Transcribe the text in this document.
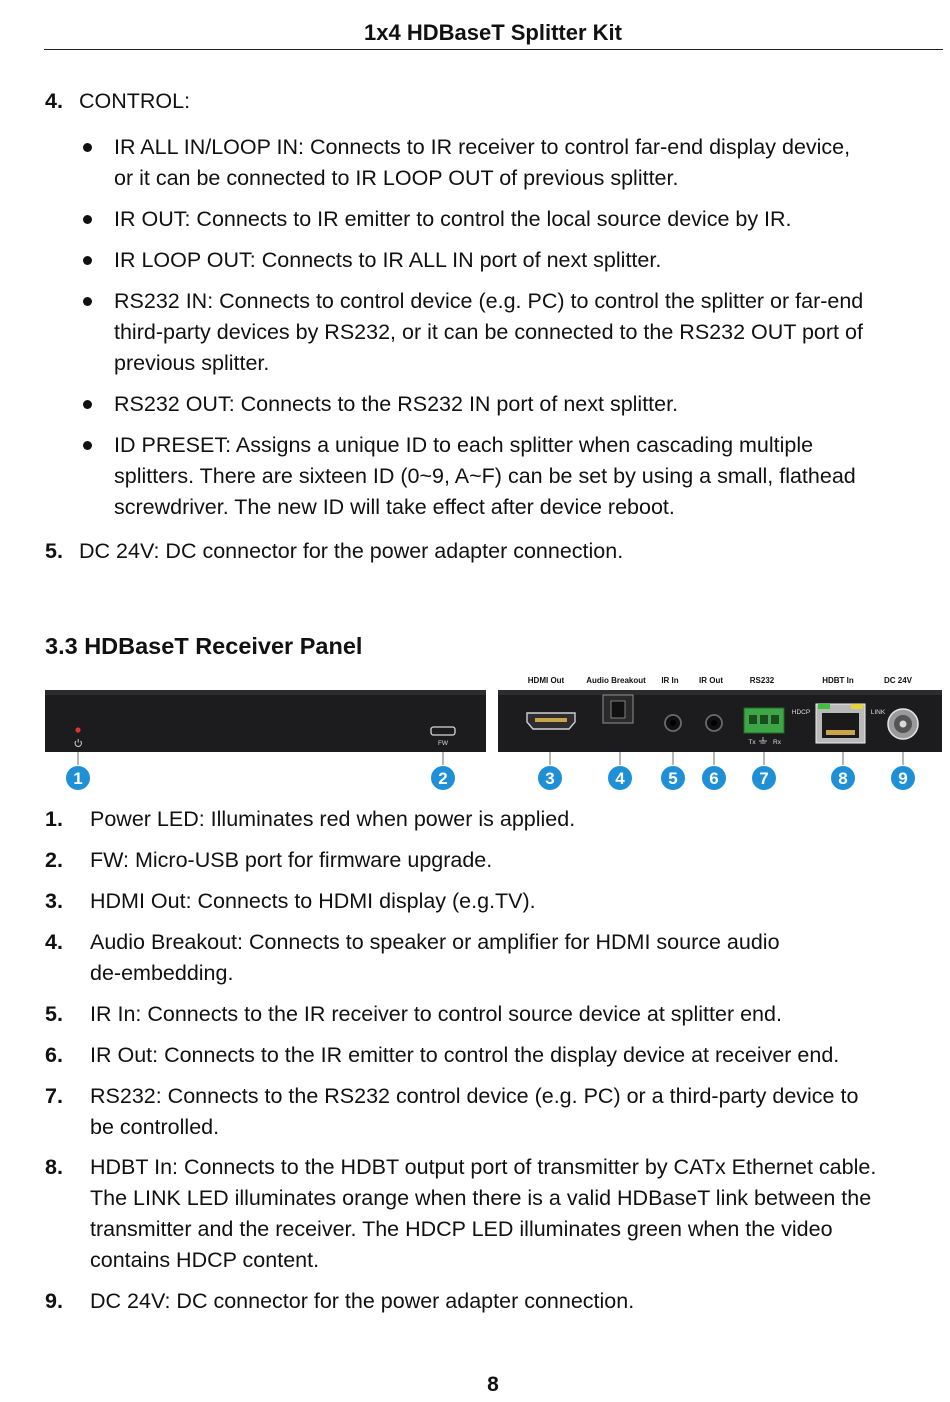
1x4 HDBaseT Splitter Kit
4. CONTROL:
IR ALL IN/LOOP IN: Connects to IR receiver to control far-end display device,
or it can be connected to IR LOOP OUT of previous splitter.
IR OUT: Connects to IR emitter to control the local source device by IR.
IR LOOP OUT: Connects to IR ALL IN port of next splitter.
RS232 IN: Connects to control device (e.g. PC) to control the splitter or far-end
third-party devices by RS232, or it can be connected to the RS232 OUT port of
previous splitter.
RS232 OUT: Connects to the RS232 IN port of next splitter.
ID PRESET: Assigns a unique ID to each splitter when cascading multiple
splitters. There are sixteen ID (0~9, A~F) can be set by using a small, flathead
screwdriver. The new ID will take effect after device reboot.
5. DC 24V: DC connector for the power adapter connection.
3.3 HDBaseT Receiver Panel
HDMI Out	Audio Breakout IR In	IR Out	RS232	HDBT In	DC 24V
FW	Tx	Rx
HDCP	LINK
1	2	3	4	5 6 7	8	9
1. Power LED: Illuminates red when power is applied.
2. FW: Micro-USB port for firmware upgrade.
3. HDMI Out: Connects to HDMI display (e.g.TV).
4. Audio Breakout: Connects to speaker or amplifier for HDMI source audio
de-embedding.
5. IR In: Connects to the IR receiver to control source device at splitter end.
6. IR Out: Connects to the IR emitter to control the display device at receiver end.
7. RS232: Connects to the RS232 control device (e.g. PC) or a third-party device to
be controlled.
8. HDBT In: Connects to the HDBT output port of transmitter by CATx Ethernet cable.
The LINK LED illuminates orange when there is a valid HDBaseT link between the
transmitter and the receiver. The HDCP LED illuminates green when the video
contains HDCP content.
9. DC 24V: DC connector for the power adapter connection.
8
